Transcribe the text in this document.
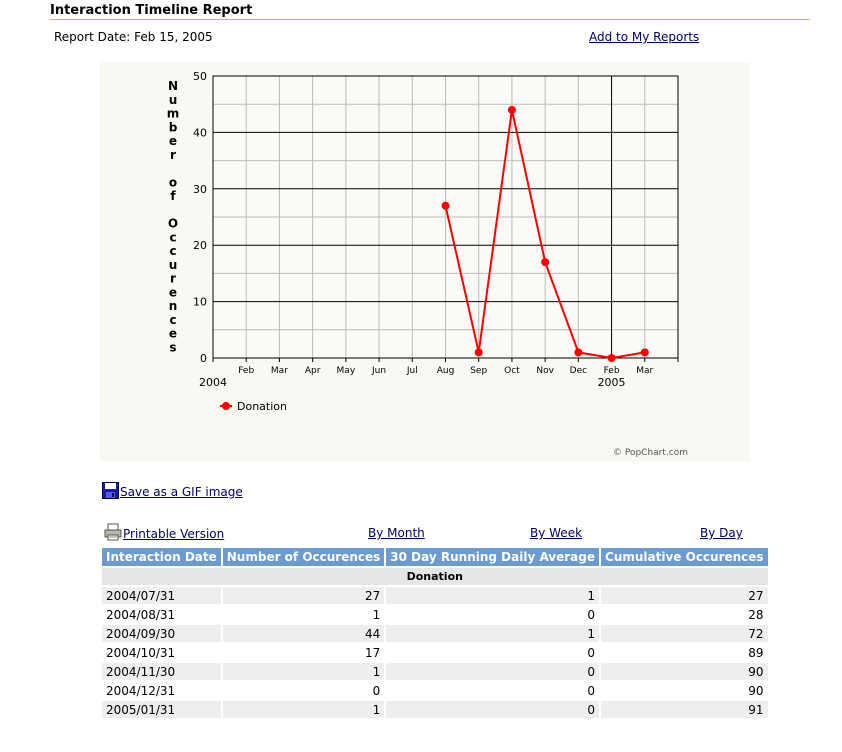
Interaction Timeline Report
Report Date: Feb 15, 2005	Add to My Reports
0
10
20
30
40
50
Feb Mar Apr May Jun Jul Aug Sep Oct Nov Dec Feb Mar
2004	2005
N u m b e r o f O c c u r e n c e s
Donation
© PopChart.com
Save as a GIF image
Printable Version	By Month	By Week	By Day
Interaction Date	Number of Occurences	30 Day Running Daily Average	Cumulative Occurences
Donation			
2004/07/31	27	1	27
2004/08/31	1	0	28
2004/09/30	44	1	72
2004/10/31	17	0	89
2004/11/30	1	0	90
2004/12/31	0	0	90
2005/01/31	1	0	91
